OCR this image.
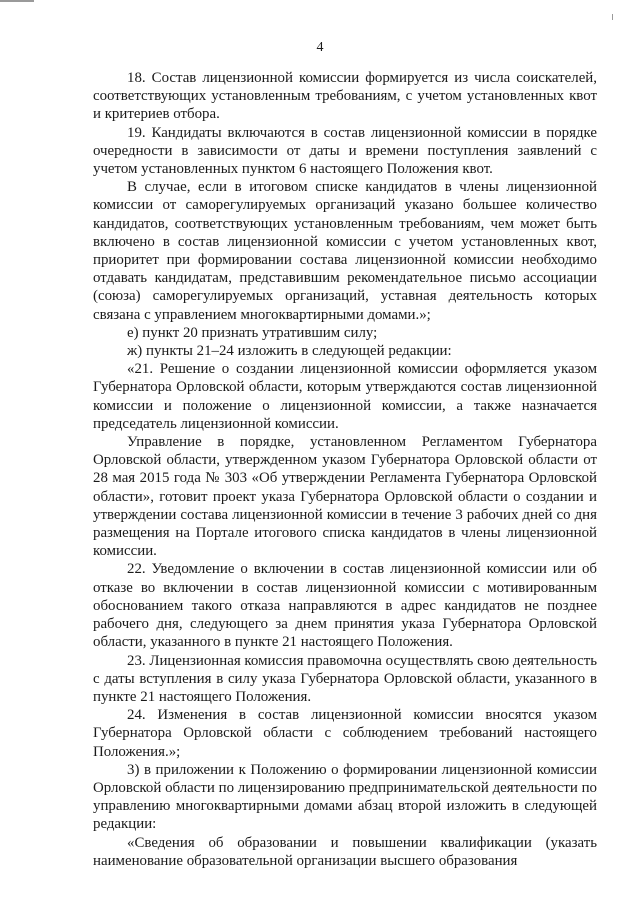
4

18. Состав лицензионной комиссии формируется из числа соискателей, соответствующих установленным требованиям, с учетом установленных квот и критериев отбора.

19. Кандидаты включаются в состав лицензионной комиссии в порядке очередности в зависимости от даты и времени поступления заявлений с учетом установленных пунктом 6 настоящего Положения квот.

В случае, если в итоговом списке кандидатов в члены лицензионной комиссии от саморегулируемых организаций указано большее количество кандидатов, соответствующих установленным требованиям, чем может быть включено в состав лицензионной комиссии с учетом установленных квот, приоритет при формировании состава лицензионной комиссии необходимо отдавать кандидатам, представившим рекомендательное письмо ассоциации (союза) саморегулируемых организаций, уставная деятельность которых связана с управлением многоквартирными домами.»;

е) пункт 20 признать утратившим силу;

ж) пункты 21–24 изложить в следующей редакции:

«21. Решение о создании лицензионной комиссии оформляется указом Губернатора Орловской области, которым утверждаются состав лицензионной комиссии и положение о лицензионной комиссии, а также назначается председатель лицензионной комиссии.

Управление в порядке, установленном Регламентом Губернатора Орловской области, утвержденном указом Губернатора Орловской области от 28 мая 2015 года № 303 «Об утверждении Регламента Губернатора Орловской области», готовит проект указа Губернатора Орловской области о создании и утверждении состава лицензионной комиссии в течение 3 рабочих дней со дня размещения на Портале итогового списка кандидатов в члены лицензионной комиссии.

22. Уведомление о включении в состав лицензионной комиссии или об отказе во включении в состав лицензионной комиссии с мотивированным обоснованием такого отказа направляются в адрес кандидатов не позднее рабочего дня, следующего за днем принятия указа Губернатора Орловской области, указанного в пункте 21 настоящего Положения.

23. Лицензионная комиссия правомочна осуществлять свою деятельность с даты вступления в силу указа Губернатора Орловской области, указанного в пункте 21 настоящего Положения.

24. Изменения в состав лицензионной комиссии вносятся указом Губернатора Орловской области с соблюдением требований настоящего Положения.»;

3) в приложении к Положению о формировании лицензионной комиссии Орловской области по лицензированию предпринимательской деятельности по управлению многоквартирными домами абзац второй изложить в следующей редакции:

«Сведения об образовании и повышении квалификации (указать наименование образовательной организации высшего образования
